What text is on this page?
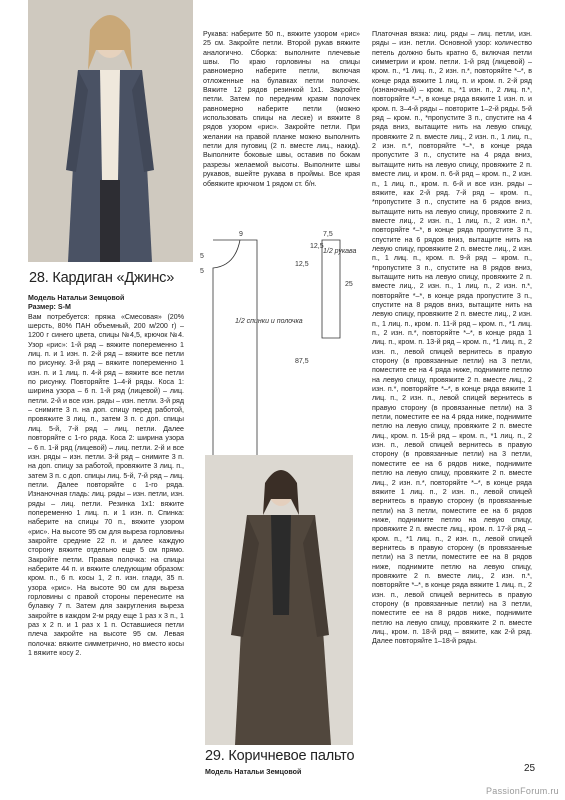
28. Кардиган «Джинс»

Модель Натальи Земцовой

Размер: S-M

Вам потребуется: пряжа «Смесовая» (20% шерсть, 80% ПАН объемный, 200 м/200 г) – 1200 г синего цвета, спицы №4,5, крючок №4. Узор «рис»: 1-й ряд – вяжите попеременно 1 лиц. п. и 1 изн. п. 2-й ряд – вяжите все петли по рисунку. 3-й ряд – вяжите попеременно 1 изн. п. и 1 лиц. п. 4-й ряд – вяжите все петли по рисунку. Повторяйте 1–4-й ряды. Коса 1: ширина узора – 6 п. 1-й ряд (лицевой) – лиц. петли. 2-й и все изн. ряды – изн. петли. 3-й ряд – снимите 3 п. на доп. спицу перед работой, провяжите 3 лиц. п., затем 3 п. с доп. спицы лиц. 5-й, 7-й ряд – лиц. петли. Далее повторяйте с 1-го ряда. Коса 2: ширина узора – 6 п. 1-й ряд (лицевой) – лиц. петли. 2-й и все изн. ряды – изн. петли. 3-й ряд – снимите 3 п. на доп. спицу за работой, провяжите 3 лиц. п., затем 3 п. с доп. спицы лиц. 5-й, 7-й ряд – лиц. петли. Далее повторяйте с 1-го ряда. Изнаночная гладь: лиц. ряды – изн. петли, изн. ряды – лиц. петли. Резинка 1х1: вяжите попеременно 1 лиц. п. и 1 изн. п. Спинка: наберите на спицы 70 п., вяжите узором «рис». На высоте 95 см для выреза горловины закройте средние 22 п. и далее каждую сторону вяжите отдельно еще 5 см прямо. Закройте петли. Правая полочка: на спицы наберите 44 п. и вяжите следующим образом: кром. п., 6 п. косы 1, 2 п. изн. глади, 35 п. узора «рис». На высоте 90 см для выреза горловины с правой стороны перенесите на булавку 7 п. Затем для закругления выреза закройте в каждом 2-м ряду еще 1 раз х 3 п., 1 раз х 2 п. и 1 раз х 1 п. Оставшиеся петли плеча закройте на высоте 95 см. Левая полочка: вяжите симметрично, но вместо косы 1 вяжите косу 2.

Рукава: наберите 50 п., вяжите узором «рис» 25 см. Закройте петли. Второй рукав вяжите аналогично. Сборка: выполните плечевые швы. По краю горловины на спицы равномерно наберите петли, включая отложенные на булавках петли полочек. Вяжите 12 рядов резинкой 1х1. Закройте петли. Затем по передним краям полочек равномерно наберите петли (можно использовать спицы на леске) и вяжите 8 рядов узором «рис». Закройте петли. При желании на правой планке можно выполнить петли для пуговиц (2 п. вместе лиц., накид). Выполните боковые швы, оставив по бокам разрезы желаемой высоты. Выполните швы рукавов, вшейте рукава в проймы. Все края обвяжите крючком 1 рядом ст. б/н.

9
5
5
12,5
1/2 спинки и полочка
87,5
7,5
12,5
1/2 рукава
25
29. Коричневое пальто

Модель Натальи Земцовой

Платочная вязка: лиц. ряды – лиц. петли, изн. ряды – изн. петли. Основной узор: количество петель должно быть кратно 6, включая петли симметрии и кром. петли. 1-й ряд (лицевой) – кром. п., *1 лиц. п., 2 изн. п.*, повторяйте *–*, в конце ряда вяжите 1 лиц. п. и кром. п. 2-й ряд (изнаночный) – кром. п., *1 изн. п., 2 лиц. п.*, повторяйте *–*, в конце ряда вяжите 1 изн. п. и кром. п. 3–4-й ряды – повторите 1–2-й ряды. 5-й ряд – кром. п., *пропустите 3 п., спустите на 4 ряда вниз, вытащите нить на левую спицу, провяжите 2 п. вместе лиц., 2 изн. п., 1 лиц. п., 2 изн. п.*, повторяйте *–*, в конце ряда пропустите 3 п., спустите на 4 ряда вниз, вытащите нить на левую спицу, провяжите 2 п. вместе лиц. и кром. п. 6-й ряд – кром. п., 2 изн. п., 1 лиц. п., кром. п. 6-й и все изн. ряды – вяжите, как 2-й ряд. 7-й ряд – кром. п., *пропустите 3 п., спустите на 6 рядов вниз, вытащите нить на левую спицу, провяжите 2 п. вместе лиц., 2 изн. п., 1 лиц. п., 2 изн. п.*, повторяйте *–*, в конце ряда пропустите 3 п., спустите на 6 рядов вниз, вытащите нить на левую спицу, провяжите 2 п. вместе лиц., 2 изн. п., 1 лиц. п., кром. п. 9-й ряд – кром. п., *пропустите 3 п., спустите на 8 рядов вниз, вытащите нить на левую спицу, провяжите 2 п. вместе лиц., 2 изн. п., 1 лиц. п., 2 изн. п.*, повторяйте *–*, в конце ряда пропустите 3 п., спустите на 8 рядов вниз, вытащите нить на левую спицу, провяжите 2 п. вместе лиц., 2 изн. п., 1 лиц. п., кром. п. 11-й ряд – кром. п., *1 лиц. п., 2 изн. п.*, повторяйте *–*, в конце ряда 1 лиц. п., кром. п. 13-й ряд – кром. п., *1 лиц. п., 2 изн. п., левой спицей вернитесь в правую сторону (в провязанные петли) на 3 петли, поместите ее на 4 ряда ниже, поднимите петлю на левую спицу, провяжите 2 п. вместе лиц., 2 изн. п.*, повторяйте *–*, в конце ряда вяжите 1 лиц. п., 2 изн. п., левой спицей вернитесь в правую сторону (в провязанные петли) на 3 петли, поместите ее на 4 ряда ниже, поднимите петлю на левую спицу, провяжите 2 п. вместе лиц., кром. п. 15-й ряд – кром. п., *1 лиц. п., 2 изн. п., левой спицей вернитесь в правую сторону (в провязанные петли) на 3 петли, поместите ее на 6 рядов ниже, поднимите петлю на левую спицу, провяжите 2 п. вместе лиц., 2 изн. п.*, повторяйте *–*, в конце ряда вяжите 1 лиц. п., 2 изн. п., левой спицей вернитесь в правую сторону (в провязанные петли) на 3 петли, поместите ее на 6 рядов ниже, поднимите петлю на левую спицу, провяжите 2 п. вместе лиц., кром. п. 17-й ряд – кром. п., *1 лиц. п., 2 изн. п., левой спицей вернитесь в правую сторону (в провязанные петли) на 3 петли, поместите ее на 8 рядов ниже, поднимите петлю на левую спицу, провяжите 2 п. вместе лиц., 2 изн. п.*, повторяйте *–*, в конце ряда вяжите 1 лиц. п., 2 изн. п., левой спицей вернитесь в правую сторону (в провязанные петли) на 3 петли, поместите ее на 8 рядов ниже, поднимите петлю на левую спицу, провяжите 2 п. вместе лиц., кром. п. 18-й ряд – вяжите, как 2-й ряд. Далее повторяйте 1–18-й ряды.

25
PassionForum.ru
